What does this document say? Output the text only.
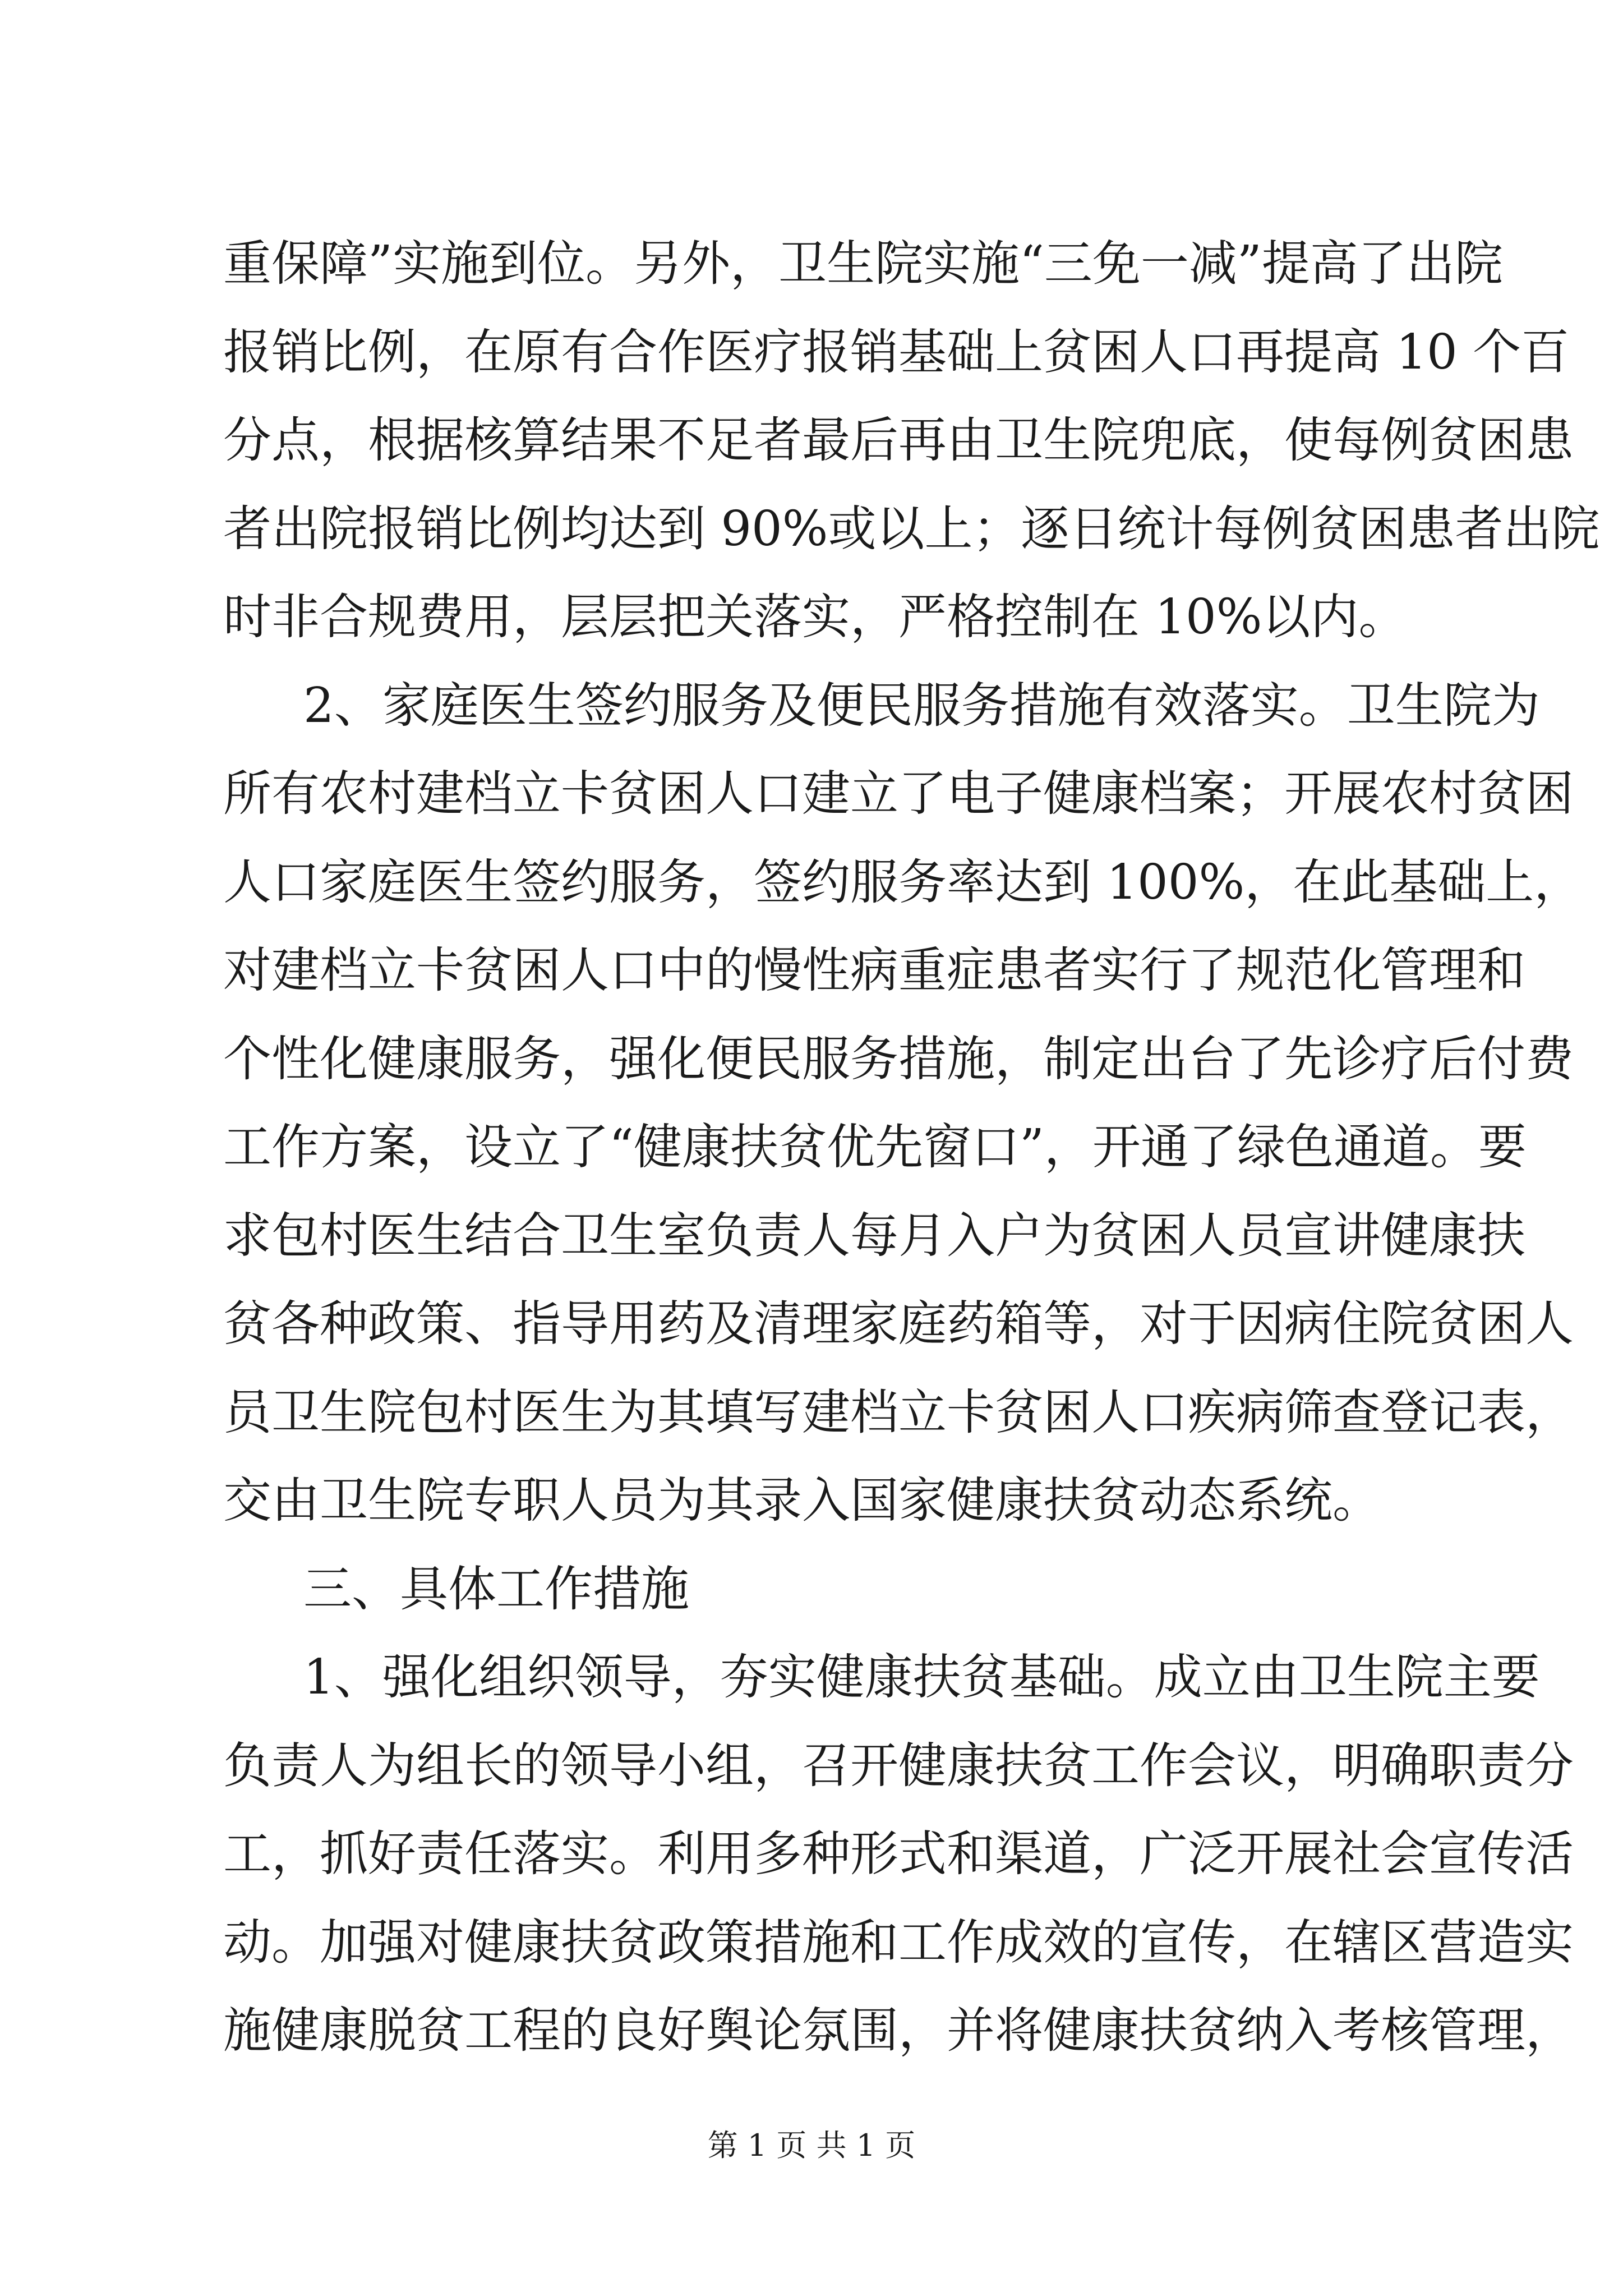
重保障”实施到位。另外，卫生院实施“三免一减”提高了出院
报销比例，在原有合作医疗报销基础上贫困人口再提高 10 个百
分点，根据核算结果不足者最后再由卫生院兜底，使每例贫困患
者出院报销比例均达到 90%或以上；逐日统计每例贫困患者出院
时非合规费用，层层把关落实，严格控制在 10%以内。
2、家庭医生签约服务及便民服务措施有效落实。卫生院为
所有农村建档立卡贫困人口建立了电子健康档案；开展农村贫困
人口家庭医生签约服务，签约服务率达到 100%，在此基础上，
对建档立卡贫困人口中的慢性病重症患者实行了规范化管理和
个性化健康服务，强化便民服务措施，制定出台了先诊疗后付费
工作方案，设立了“健康扶贫优先窗口”，开通了绿色通道。要
求包村医生结合卫生室负责人每月入户为贫困人员宣讲健康扶
贫各种政策、指导用药及清理家庭药箱等，对于因病住院贫困人
员卫生院包村医生为其填写建档立卡贫困人口疾病筛查登记表，
交由卫生院专职人员为其录入国家健康扶贫动态系统。
三、具体工作措施
1、强化组织领导，夯实健康扶贫基础。成立由卫生院主要
负责人为组长的领导小组，召开健康扶贫工作会议，明确职责分
工，抓好责任落实。利用多种形式和渠道，广泛开展社会宣传活
动。加强对健康扶贫政策措施和工作成效的宣传，在辖区营造实
施健康脱贫工程的良好舆论氛围，并将健康扶贫纳入考核管理，
第 1 页 共 1 页
